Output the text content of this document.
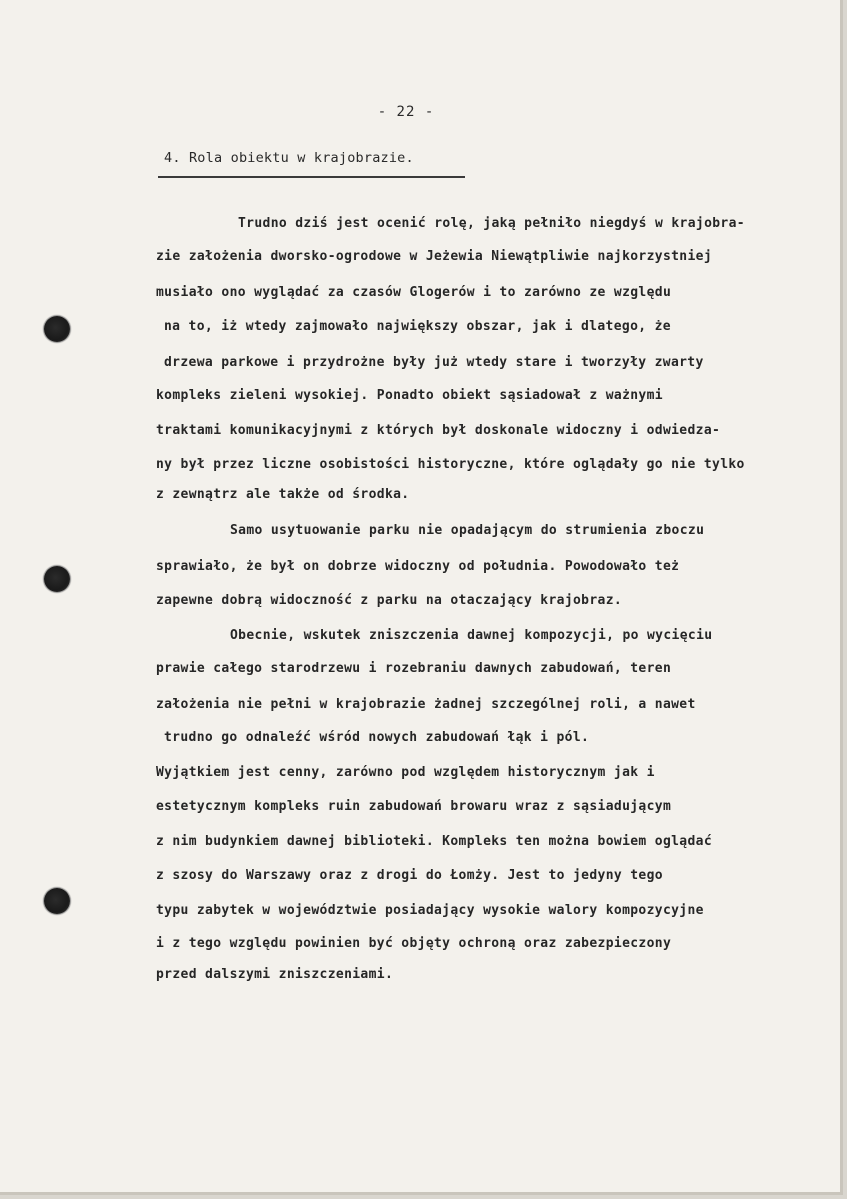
- 22 -
4. Rola obiektu w krajobrazie.
Trudno dziś jest ocenić rolę, jaką pełniło niegdyś w krajobra-
zie założenia dworsko-ogrodowe w Jeżewia Niewątpliwie najkorzystniej
musiało ono wyglądać za czasów Glogerów i to zarówno ze względu
na to, iż wtedy zajmowało największy obszar, jak i dlatego, że
drzewa parkowe i przydrożne były już wtedy stare i tworzyły zwarty
kompleks zieleni wysokiej. Ponadto obiekt sąsiadował z ważnymi
traktami komunikacyjnymi z których był doskonale widoczny i odwiedza-
ny był przez liczne osobistości historyczne, które oglądały go nie tylko
z zewnątrz ale także od środka.
Samo usytuowanie parku nie opadającym do strumienia zboczu
sprawiało, że był on dobrze widoczny od południa. Powodowało też
zapewne dobrą widoczność z parku na otaczający krajobraz.
Obecnie, wskutek zniszczenia dawnej kompozycji, po wycięciu
prawie całego starodrzewu i rozebraniu dawnych zabudowań, teren
założenia nie pełni w krajobrazie żadnej szczególnej roli, a nawet
trudno go odnaleźć wśród nowych zabudowań łąk i pól.
Wyjątkiem jest cenny, zarówno pod względem historycznym jak i
estetycznym kompleks ruin zabudowań browaru wraz z sąsiadującym
z nim budynkiem dawnej biblioteki. Kompleks ten można bowiem oglądać
z szosy do Warszawy oraz z drogi do Łomży. Jest to jedyny tego
typu zabytek w województwie posiadający wysokie walory kompozycyjne
i z tego względu powinien być objęty ochroną oraz zabezpieczony
przed dalszymi zniszczeniami.
